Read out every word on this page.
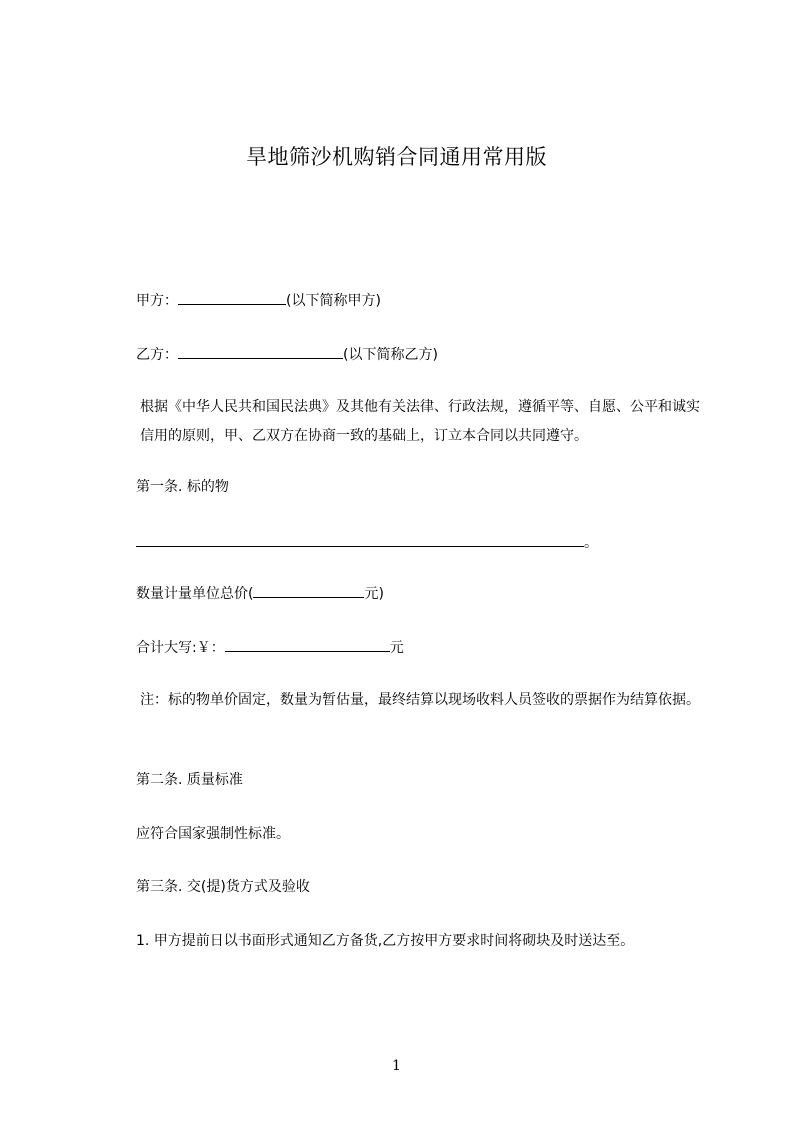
旱地筛沙机购销合同通用常用版
甲方：	(以下简称甲方)
乙方：	(以下简称乙方)
根据《中华人民共和国民法典》及其他有关法律、行政法规，遵循平等、自愿、公平和诚实信用的原则，甲、乙双方在协商一致的基础上，订立本合同以共同遵守。
第一条. 标的物
。
数量计量单位总价(	元)
合计大写:￥：	元
注：标的物单价固定，数量为暂估量，最终结算以现场收料人员签收的票据作为结算依据。
第二条. 质量标准
应符合国家强制性标准。
第三条. 交(提)货方式及验收
1. 甲方提前日以书面形式通知乙方备货,乙方按甲方要求时间将砌块及时送达至。
1
